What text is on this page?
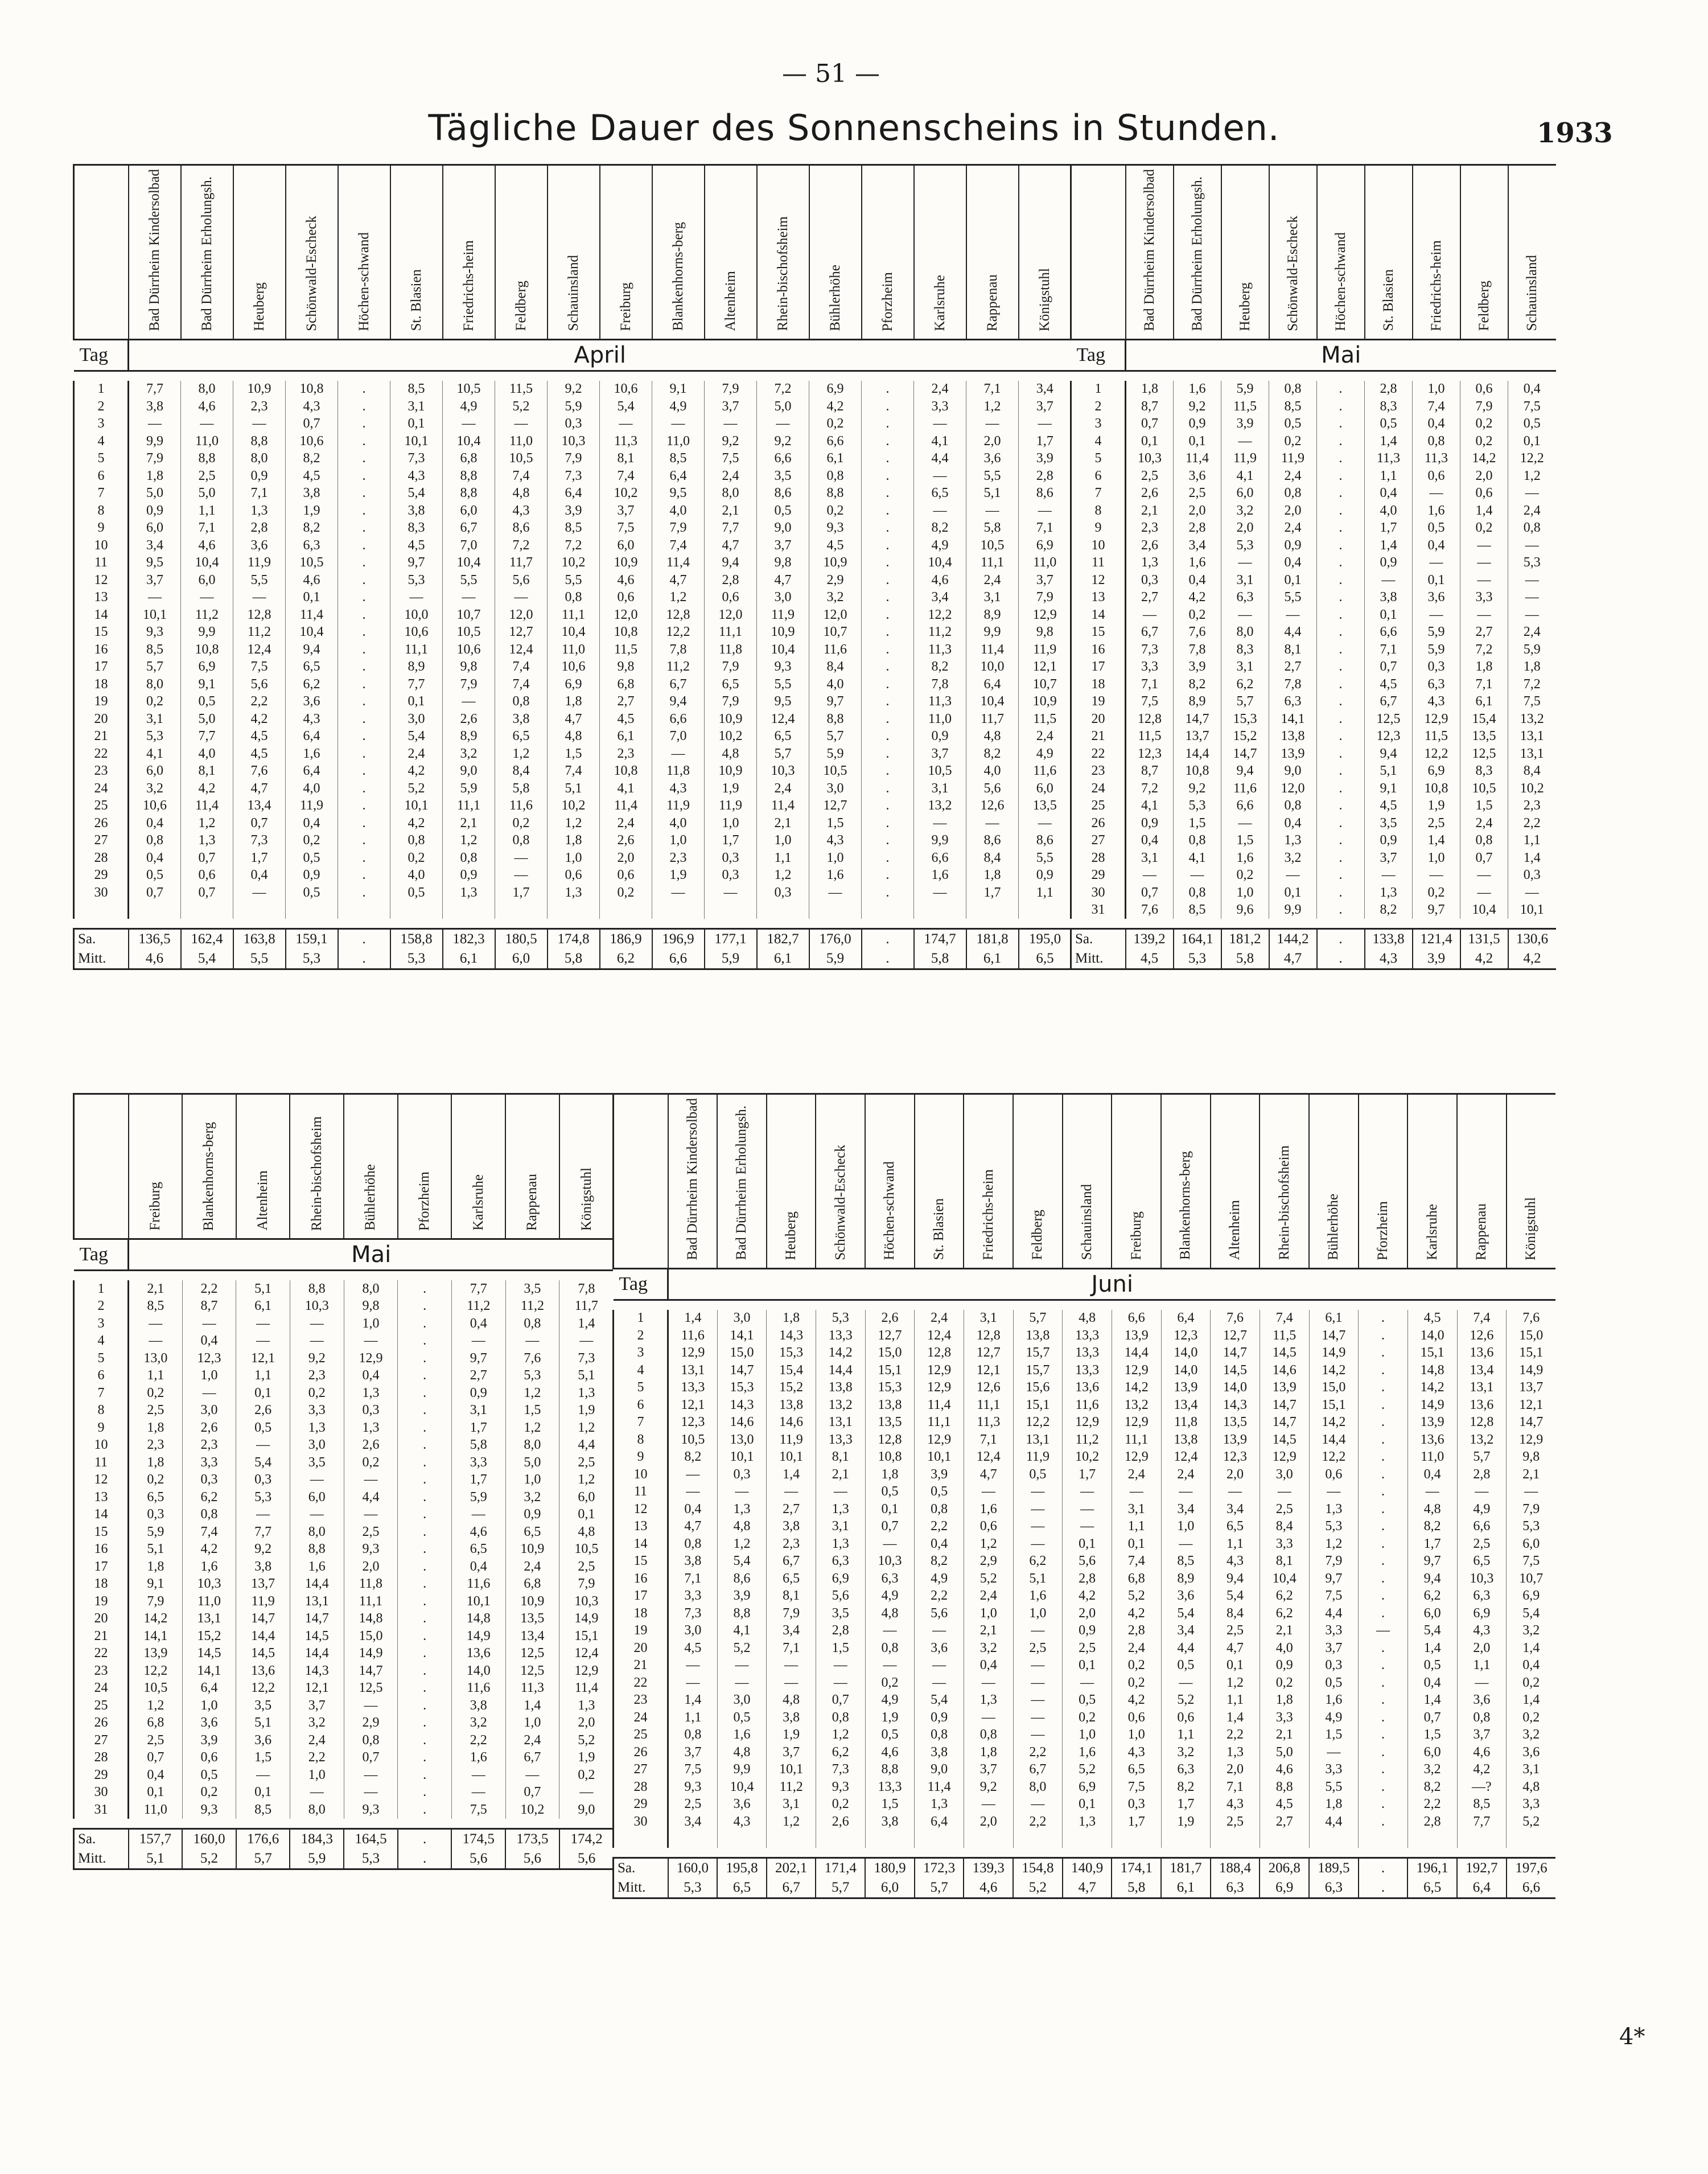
— 51 —
Tägliche Dauer des Sonnenscheins in Stunden.	1933
	Bad Dürrheim Kindersolbad	Bad Dürrheim Erholungsh.	Heuberg	Schönwald-Escheck	Höchen-schwand	St. Blasien	Friedrichs-heim	Feldberg	Schauinsland	Freiburg	Blankenhorns-berg	Altenheim	Rhein-bischofsheim	Bühlerhöhe	Pforzheim	Karlsruhe	Rappenau	Königstuhl
Tag	April																	

1	7,7	8,0	10,9	10,8	.	8,5	10,5	11,5	9,2	10,6	9,1	7,9	7,2	6,9	.	2,4	7,1	3,4
2	3,8	4,6	2,3	4,3	.	3,1	4,9	5,2	5,9	5,4	4,9	3,7	5,0	4,2	.	3,3	1,2	3,7
3	—	—	—	0,7	.	0,1	—	—	0,3	—	—	—	—	0,2	.	—	—	—
4	9,9	11,0	8,8	10,6	.	10,1	10,4	11,0	10,3	11,3	11,0	9,2	9,2	6,6	.	4,1	2,0	1,7
5	7,9	8,8	8,0	8,2	.	7,3	6,8	10,5	7,9	8,1	8,5	7,5	6,6	6,1	.	4,4	3,6	3,9
6	1,8	2,5	0,9	4,5	.	4,3	8,8	7,4	7,3	7,4	6,4	2,4	3,5	0,8	.	—	5,5	2,8
7	5,0	5,0	7,1	3,8	.	5,4	8,8	4,8	6,4	10,2	9,5	8,0	8,6	8,8	.	6,5	5,1	8,6
8	0,9	1,1	1,3	1,9	.	3,8	6,0	4,3	3,9	3,7	4,0	2,1	0,5	0,2	.	—	—	—
9	6,0	7,1	2,8	8,2	.	8,3	6,7	8,6	8,5	7,5	7,9	7,7	9,0	9,3	.	8,2	5,8	7,1
10	3,4	4,6	3,6	6,3	.	4,5	7,0	7,2	7,2	6,0	7,4	4,7	3,7	4,5	.	4,9	10,5	6,9
11	9,5	10,4	11,9	10,5	.	9,7	10,4	11,7	10,2	10,9	11,4	9,4	9,8	10,9	.	10,4	11,1	11,0
12	3,7	6,0	5,5	4,6	.	5,3	5,5	5,6	5,5	4,6	4,7	2,8	4,7	2,9	.	4,6	2,4	3,7
13	—	—	—	0,1	.	—	—	—	0,8	0,6	1,2	0,6	3,0	3,2	.	3,4	3,1	7,9
14	10,1	11,2	12,8	11,4	.	10,0	10,7	12,0	11,1	12,0	12,8	12,0	11,9	12,0	.	12,2	8,9	12,9
15	9,3	9,9	11,2	10,4	.	10,6	10,5	12,7	10,4	10,8	12,2	11,1	10,9	10,7	.	11,2	9,9	9,8
16	8,5	10,8	12,4	9,4	.	11,1	10,6	12,4	11,0	11,5	7,8	11,8	10,4	11,6	.	11,3	11,4	11,9
17	5,7	6,9	7,5	6,5	.	8,9	9,8	7,4	10,6	9,8	11,2	7,9	9,3	8,4	.	8,2	10,0	12,1
18	8,0	9,1	5,6	6,2	.	7,7	7,9	7,4	6,9	6,8	6,7	6,5	5,5	4,0	.	7,8	6,4	10,7
19	0,2	0,5	2,2	3,6	.	0,1	—	0,8	1,8	2,7	9,4	7,9	9,5	9,7	.	11,3	10,4	10,9
20	3,1	5,0	4,2	4,3	.	3,0	2,6	3,8	4,7	4,5	6,6	10,9	12,4	8,8	.	11,0	11,7	11,5
21	5,3	7,7	4,5	6,4	.	5,4	8,9	6,5	4,8	6,1	7,0	10,2	6,5	5,7	.	0,9	4,8	2,4
22	4,1	4,0	4,5	1,6	.	2,4	3,2	1,2	1,5	2,3	—	4,8	5,7	5,9	.	3,7	8,2	4,9
23	6,0	8,1	7,6	6,4	.	4,2	9,0	8,4	7,4	10,8	11,8	10,9	10,3	10,5	.	10,5	4,0	11,6
24	3,2	4,2	4,7	4,0	.	5,2	5,9	5,8	5,1	4,1	4,3	1,9	2,4	3,0	.	3,1	5,6	6,0
25	10,6	11,4	13,4	11,9	.	10,1	11,1	11,6	10,2	11,4	11,9	11,9	11,4	12,7	.	13,2	12,6	13,5
26	0,4	1,2	0,7	0,4	.	4,2	2,1	0,2	1,2	2,4	4,0	1,0	2,1	1,5	.	—	—	—
27	0,8	1,3	7,3	0,2	.	0,8	1,2	0,8	1,8	2,6	1,0	1,7	1,0	4,3	.	9,9	8,6	8,6
28	0,4	0,7	1,7	0,5	.	0,2	0,8	—	1,0	2,0	2,3	0,3	1,1	1,0	.	6,6	8,4	5,5
29	0,5	0,6	0,4	0,9	.	4,0	0,9	—	0,6	0,6	1,9	0,3	1,2	1,6	.	1,6	1,8	0,9
30	0,7	0,7	—	0,5	.	0,5	1,3	1,7	1,3	0,2	—	—	0,3	—	.	—	1,7	1,1

Sa.	136,5	162,4	163,8	159,1	.	158,8	182,3	180,5	174,8	186,9	196,9	177,1	182,7	176,0	.	174,7	181,8	195,0
Mitt.	4,6	5,4	5,5	5,3	.	5,3	6,1	6,0	5,8	6,2	6,6	5,9	6,1	5,9	.	5,8	6,1	6,5
	Bad Dürrheim Kindersolbad	Bad Dürrheim Erholungsh.	Heuberg	Schönwald-Escheck	Höchen-schwand	St. Blasien	Friedrichs-heim	Feldberg	Schauinsland
Tag	Mai								

1	1,8	1,6	5,9	0,8	.	2,8	1,0	0,6	0,4
2	8,7	9,2	11,5	8,5	.	8,3	7,4	7,9	7,5
3	0,7	0,9	3,9	0,5	.	0,5	0,4	0,2	0,5
4	0,1	0,1	—	0,2	.	1,4	0,8	0,2	0,1
5	10,3	11,4	11,9	11,9	.	11,3	11,3	14,2	12,2
6	2,5	3,6	4,1	2,4	.	1,1	0,6	2,0	1,2
7	2,6	2,5	6,0	0,8	.	0,4	—	0,6	—
8	2,1	2,0	3,2	2,0	.	4,0	1,6	1,4	2,4
9	2,3	2,8	2,0	2,4	.	1,7	0,5	0,2	0,8
10	2,6	3,4	5,3	0,9	.	1,4	0,4	—	—
11	1,3	1,6	—	0,4	.	0,9	—	—	5,3
12	0,3	0,4	3,1	0,1	.	—	0,1	—	—
13	2,7	4,2	6,3	5,5	.	3,8	3,6	3,3	—
14	—	0,2	—	—	.	0,1	—	—	—
15	6,7	7,6	8,0	4,4	.	6,6	5,9	2,7	2,4
16	7,3	7,8	8,3	8,1	.	7,1	5,9	7,2	5,9
17	3,3	3,9	3,1	2,7	.	0,7	0,3	1,8	1,8
18	7,1	8,2	6,2	7,8	.	4,5	6,3	7,1	7,2
19	7,5	8,9	5,7	6,3	.	6,7	4,3	6,1	7,5
20	12,8	14,7	15,3	14,1	.	12,5	12,9	15,4	13,2
21	11,5	13,7	15,2	13,8	.	12,3	11,5	13,5	13,1
22	12,3	14,4	14,7	13,9	.	9,4	12,2	12,5	13,1
23	8,7	10,8	9,4	9,0	.	5,1	6,9	8,3	8,4
24	7,2	9,2	11,6	12,0	.	9,1	10,8	10,5	10,2
25	4,1	5,3	6,6	0,8	.	4,5	1,9	1,5	2,3
26	0,9	1,5	—	0,4	.	3,5	2,5	2,4	2,2
27	0,4	0,8	1,5	1,3	.	0,9	1,4	0,8	1,1
28	3,1	4,1	1,6	3,2	.	3,7	1,0	0,7	1,4
29	—	—	0,2	—	.	—	—	—	0,3
30	0,7	0,8	1,0	0,1	.	1,3	0,2	—	—
31	7,6	8,5	9,6	9,9	.	8,2	9,7	10,4	10,1

Sa.	139,2	164,1	181,2	144,2	.	133,8	121,4	131,5	130,6
Mitt.	4,5	5,3	5,8	4,7	.	4,3	3,9	4,2	4,2
	Freiburg	Blankenhorns-berg	Altenheim	Rhein-bischofsheim	Bühlerhöhe	Pforzheim	Karlsruhe	Rappenau	Königstuhl
Tag	Mai								

1	2,1	2,2	5,1	8,8	8,0	.	7,7	3,5	7,8
2	8,5	8,7	6,1	10,3	9,8	.	11,2	11,2	11,7
3	—	—	—	—	1,0	.	0,4	0,8	1,4
4	—	0,4	—	—	—	.	—	—	—
5	13,0	12,3	12,1	9,2	12,9	.	9,7	7,6	7,3
6	1,1	1,0	1,1	2,3	0,4	.	2,7	5,3	5,1
7	0,2	—	0,1	0,2	1,3	.	0,9	1,2	1,3
8	2,5	3,0	2,6	3,3	0,3	.	3,1	1,5	1,9
9	1,8	2,6	0,5	1,3	1,3	.	1,7	1,2	1,2
10	2,3	2,3	—	3,0	2,6	.	5,8	8,0	4,4
11	1,8	3,3	5,4	3,5	0,2	.	3,3	5,0	2,5
12	0,2	0,3	0,3	—	—	.	1,7	1,0	1,2
13	6,5	6,2	5,3	6,0	4,4	.	5,9	3,2	6,0
14	0,3	0,8	—	—	—	.	—	0,9	0,1
15	5,9	7,4	7,7	8,0	2,5	.	4,6	6,5	4,8
16	5,1	4,2	9,2	8,8	9,3	.	6,5	10,9	10,5
17	1,8	1,6	3,8	1,6	2,0	.	0,4	2,4	2,5
18	9,1	10,3	13,7	14,4	11,8	.	11,6	6,8	7,9
19	7,9	11,0	11,9	13,1	11,1	.	10,1	10,9	10,3
20	14,2	13,1	14,7	14,7	14,8	.	14,8	13,5	14,9
21	14,1	15,2	14,4	14,5	15,0	.	14,9	13,4	15,1
22	13,9	14,5	14,5	14,4	14,9	.	13,6	12,5	12,4
23	12,2	14,1	13,6	14,3	14,7	.	14,0	12,5	12,9
24	10,5	6,4	12,2	12,1	12,5	.	11,6	11,3	11,4
25	1,2	1,0	3,5	3,7	—	.	3,8	1,4	1,3
26	6,8	3,6	5,1	3,2	2,9	.	3,2	1,0	2,0
27	2,5	3,9	3,6	2,4	0,8	.	2,2	2,4	5,2
28	0,7	0,6	1,5	2,2	0,7	.	1,6	6,7	1,9
29	0,4	0,5	—	1,0	—	.	—	—	0,2
30	0,1	0,2	0,1	—	—	.	—	0,7	—
31	11,0	9,3	8,5	8,0	9,3	.	7,5	10,2	9,0

Sa.	157,7	160,0	176,6	184,3	164,5	.	174,5	173,5	174,2
Mitt.	5,1	5,2	5,7	5,9	5,3	.	5,6	5,6	5,6
	Bad Dürrheim Kindersolbad	Bad Dürrheim Erholungsh.	Heuberg	Schönwald-Escheck	Höchen-schwand	St. Blasien	Friedrichs-heim	Feldberg	Schauinsland	Freiburg	Blankenhorns-berg	Altenheim	Rhein-bischofsheim	Bühlerhöhe	Pforzheim	Karlsruhe	Rappenau	Königstuhl
Tag	Juni																	

1	1,4	3,0	1,8	5,3	2,6	2,4	3,1	5,7	4,8	6,6	6,4	7,6	7,4	6,1	.	4,5	7,4	7,6
2	11,6	14,1	14,3	13,3	12,7	12,4	12,8	13,8	13,3	13,9	12,3	12,7	11,5	14,7	.	14,0	12,6	15,0
3	12,9	15,0	15,3	14,2	15,0	12,8	12,7	15,7	13,3	14,4	14,0	14,7	14,5	14,9	.	15,1	13,6	15,1
4	13,1	14,7	15,4	14,4	15,1	12,9	12,1	15,7	13,3	12,9	14,0	14,5	14,6	14,2	.	14,8	13,4	14,9
5	13,3	15,3	15,2	13,8	15,3	12,9	12,6	15,6	13,6	14,2	13,9	14,0	13,9	15,0	.	14,2	13,1	13,7
6	12,1	14,3	13,8	13,2	13,8	11,4	11,1	15,1	11,6	13,2	13,4	14,3	14,7	15,1	.	14,9	13,6	12,1
7	12,3	14,6	14,6	13,1	13,5	11,1	11,3	12,2	12,9	12,9	11,8	13,5	14,7	14,2	.	13,9	12,8	14,7
8	10,5	13,0	11,9	13,3	12,8	12,9	7,1	13,1	11,2	11,1	13,8	13,9	14,5	14,4	.	13,6	13,2	12,9
9	8,2	10,1	10,1	8,1	10,8	10,1	12,4	11,9	10,2	12,9	12,4	12,3	12,9	12,2	.	11,0	5,7	9,8
10	—	0,3	1,4	2,1	1,8	3,9	4,7	0,5	1,7	2,4	2,4	2,0	3,0	0,6	.	0,4	2,8	2,1
11	—	—	—	—	0,5	0,5	—	—	—	—	—	—	—	—	.	—	—	—
12	0,4	1,3	2,7	1,3	0,1	0,8	1,6	—	—	3,1	3,4	3,4	2,5	1,3	.	4,8	4,9	7,9
13	4,7	4,8	3,8	3,1	0,7	2,2	0,6	—	—	1,1	1,0	6,5	8,4	5,3	.	8,2	6,6	5,3
14	0,8	1,2	2,3	1,3	—	0,4	1,2	—	0,1	0,1	—	1,1	3,3	1,2	.	1,7	2,5	6,0
15	3,8	5,4	6,7	6,3	10,3	8,2	2,9	6,2	5,6	7,4	8,5	4,3	8,1	7,9	.	9,7	6,5	7,5
16	7,1	8,6	6,5	6,9	6,3	4,9	5,2	5,1	2,8	6,8	8,9	9,4	10,4	9,7	.	9,4	10,3	10,7
17	3,3	3,9	8,1	5,6	4,9	2,2	2,4	1,6	4,2	5,2	3,6	5,4	6,2	7,5	.	6,2	6,3	6,9
18	7,3	8,8	7,9	3,5	4,8	5,6	1,0	1,0	2,0	4,2	5,4	8,4	6,2	4,4	.	6,0	6,9	5,4
19	3,0	4,1	3,4	2,8	—	—	2,1	—	0,9	2,8	3,4	2,5	2,1	3,3	—	5,4	4,3	3,2
20	4,5	5,2	7,1	1,5	0,8	3,6	3,2	2,5	2,5	2,4	4,4	4,7	4,0	3,7	.	1,4	2,0	1,4
21	—	—	—	—	—	—	0,4	—	0,1	0,2	0,5	0,1	0,9	0,3	.	0,5	1,1	0,4
22	—	—	—	—	0,2	—	—	—	—	0,2	—	1,2	0,2	0,5	.	0,4	—	0,2
23	1,4	3,0	4,8	0,7	4,9	5,4	1,3	—	0,5	4,2	5,2	1,1	1,8	1,6	.	1,4	3,6	1,4
24	1,1	0,5	3,8	0,8	1,9	0,9	—	—	0,2	0,6	0,6	1,4	3,3	4,9	.	0,7	0,8	0,2
25	0,8	1,6	1,9	1,2	0,5	0,8	0,8	—	1,0	1,0	1,1	2,2	2,1	1,5	.	1,5	3,7	3,2
26	3,7	4,8	3,7	6,2	4,6	3,8	1,8	2,2	1,6	4,3	3,2	1,3	5,0	—	.	6,0	4,6	3,6
27	7,5	9,9	10,1	7,3	8,8	9,0	3,7	6,7	5,2	6,5	6,3	2,0	4,6	3,3	.	3,2	4,2	3,1
28	9,3	10,4	11,2	9,3	13,3	11,4	9,2	8,0	6,9	7,5	8,2	7,1	8,8	5,5	.	8,2	—?	4,8
29	2,5	3,6	3,1	0,2	1,5	1,3	—	—	0,1	0,3	1,7	4,3	4,5	1,8	.	2,2	8,5	3,3
30	3,4	4,3	1,2	2,6	3,8	6,4	2,0	2,2	1,3	1,7	1,9	2,5	2,7	4,4	.	2,8	7,7	5,2

Sa.	160,0	195,8	202,1	171,4	180,9	172,3	139,3	154,8	140,9	174,1	181,7	188,4	206,8	189,5	.	196,1	192,7	197,6
Mitt.	5,3	6,5	6,7	5,7	6,0	5,7	4,6	5,2	4,7	5,8	6,1	6,3	6,9	6,3	.	6,5	6,4	6,6
4*
